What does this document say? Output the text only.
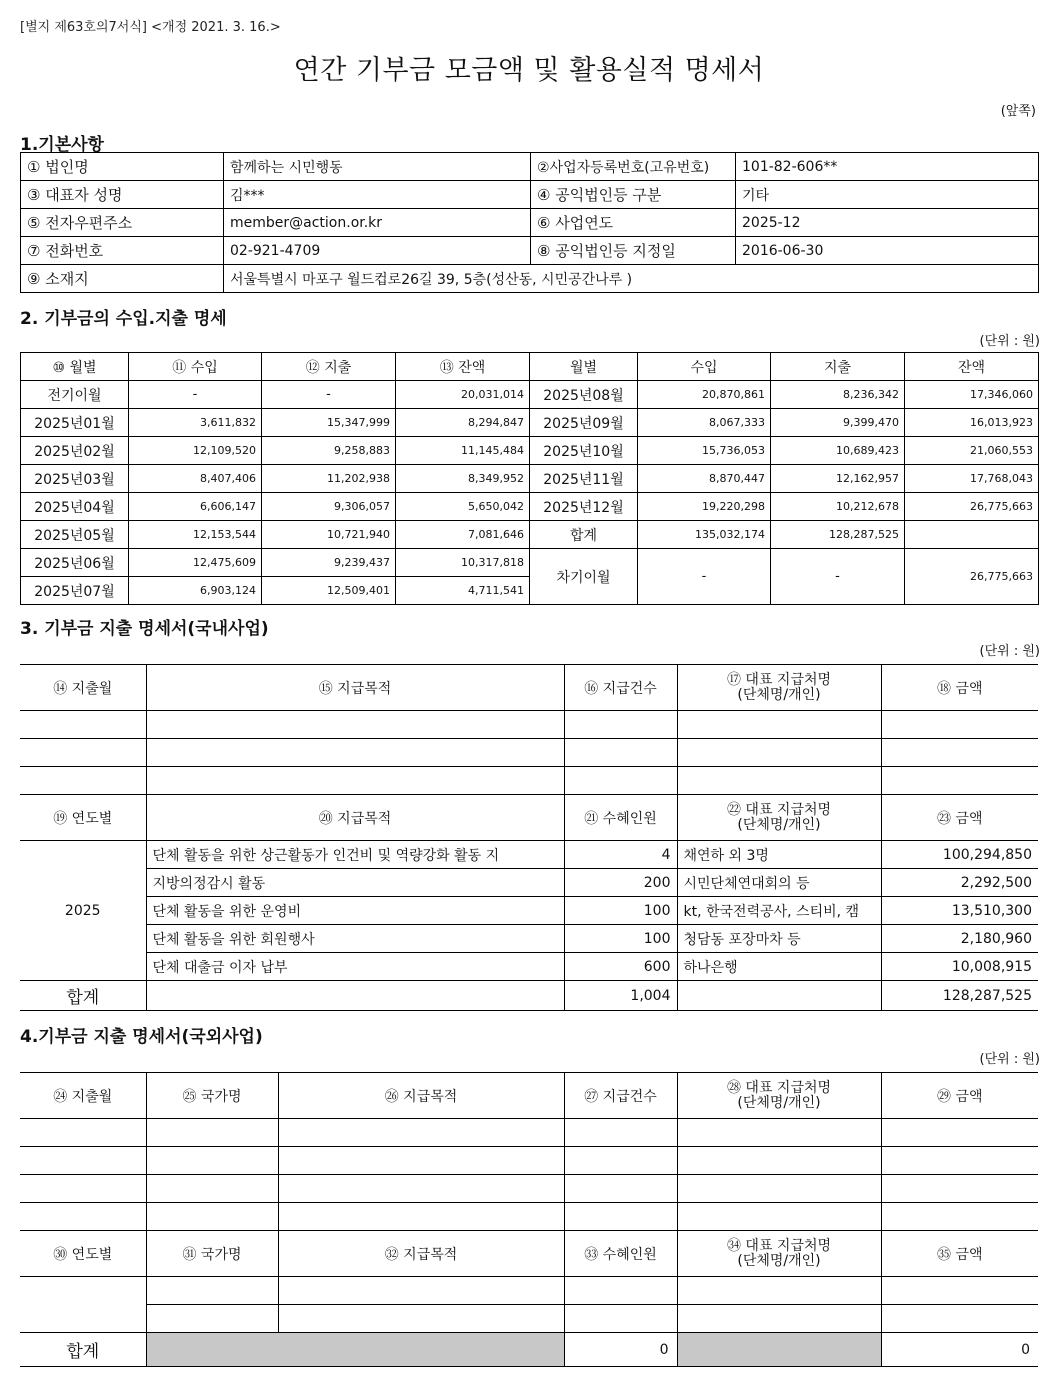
[별지 제63호의7서식] <개정 2021. 3. 16.>
연간 기부금 모금액 및 활용실적 명세서
(앞쪽)
1.기본사항
① 법인명	함께하는 시민행동	②사업자등록번호(고유번호)	101-82-606**
③ 대표자 성명	김***	④ 공익법인등 구분	기타
⑤ 전자우편주소	member@action.or.kr	⑥ 사업연도	2025-12
⑦ 전화번호	02-921-4709	⑧ 공익법인등 지정일	2016-06-30
⑨ 소재지	서울특별시 마포구 월드컵로26길 39, 5층(성산동, 시민공간나루 )		
2. 기부금의 수입.지출 명세
(단위 : 원)
⑩ 월별	⑪ 수입	⑫ 지출	⑬ 잔액	월별	수입	지출	잔액
전기이월	-	-	20,031,014	2025년08월	20,870,861	8,236,342	17,346,060
2025년01월	3,611,832	15,347,999	8,294,847	2025년09월	8,067,333	9,399,470	16,013,923
2025년02월	12,109,520	9,258,883	11,145,484	2025년10월	15,736,053	10,689,423	21,060,553
2025년03월	8,407,406	11,202,938	8,349,952	2025년11월	8,870,447	12,162,957	17,768,043
2025년04월	6,606,147	9,306,057	5,650,042	2025년12월	19,220,298	10,212,678	26,775,663
2025년05월	12,153,544	10,721,940	7,081,646	합계	135,032,174	128,287,525	
2025년06월	12,475,609	9,239,437	10,317,818	차기이월	-	-	26,775,663
2025년07월	6,903,124	12,509,401	4,711,541				
3. 기부금 지출 명세서(국내사업)
(단위 : 원)
⑭ 지출월	⑮ 지급목적	⑯ 지급건수	⑰ 대표 지급처명
(단체명/개인)	⑱ 금액

⑲ 연도별	⑳ 지급목적	㉑ 수혜인원	㉒ 대표 지급처명
(단체명/개인)	㉓ 금액
2025	단체 활동을 위한 상근활동가 인건비 및 역량강화 활동 지	4	채연하 외 3명	100,294,850
	지방의정감시 활동	200	시민단체연대회의 등	2,292,500
	단체 활동을 위한 운영비	100	kt, 한국전력공사, 스티비, 캠	13,510,300
	단체 활동을 위한 회원행사	100	청담동 포장마차 등	2,180,960
	단체 대출금 이자 납부	600	하나은행	10,008,915
합계		1,004		128,287,525
4.기부금 지출 명세서(국외사업)
(단위 : 원)
㉔ 지출월	㉕ 국가명	㉖ 지급목적	㉗ 지급건수	㉘ 대표 지급처명
(단체명/개인)	㉙ 금액

㉚ 연도별	㉛ 국가명	㉜ 지급목적	㉝ 수혜인원	㉞ 대표 지급처명
(단체명/개인)	㉟ 금액

합계			0		0
